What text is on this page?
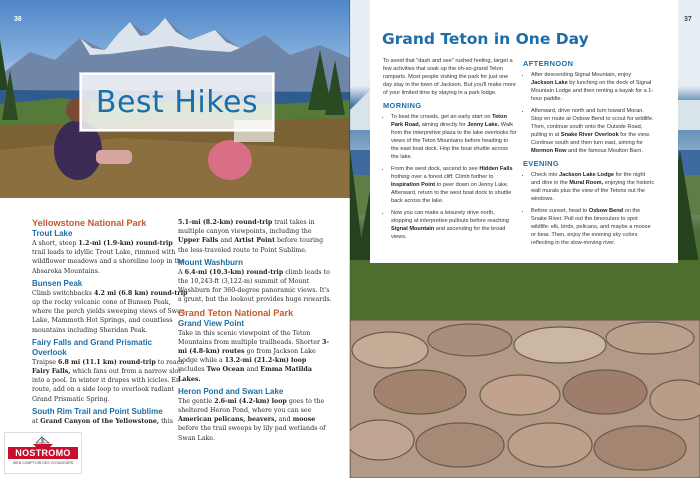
36
Best Hikes
Yellowstone National Park
Trout Lake

A short, steep 1.2-mi (1.9-km) round-trip trail leads to idyllic Trout Lake, rimmed with wildflower meadows and a shoreline loop in the Absaroka Mountains.

Bunsen Peak

Climb switchbacks 4.2 mi (6.8 km) round-trip up the rocky volcanic cone of Bunsen Peak, where the perch yields sweeping views of Swan Lake, Mammoth Hot Springs, and countless mountains including Sheridan Peak.

Fairy Falls and Grand Prismatic Overlook

Traipse 6.8 mi (11.1 km) round-trip to reach Fairy Falls, which fans out from a narrow slot into a pool. In winter it drapes with icicles. En route, add on a side loop to overlook radiant Grand Prismatic Spring.

South Rim Trail and Point Sublime

at Grand Canyon of the Yellowstone, this

5.1-mi (8.2-km) round-trip trail takes in multiple canyon viewpoints, including the Upper Falls and Artist Point before touring the less-traveled route to Point Sublime.

Mount Washburn

A 6.4-mi (10.3-km) round-trip climb leads to the 10,243-ft (3,122-m) summit of Mount Washburn for 360-degree panoramic views. It's a grunt, but the lookout provides huge rewards.

Grand Teton National Park
Grand View Point

Take in this scenic viewpoint of the Teton Mountains from multiple trailheads. Shorter 3-mi (4.8-km) routes go from Jackson Lake Lodge while a 13.2-mi (21.2-km) loop includes Two Ocean and Emma Matilda Lakes.

Heron Pond and Swan Lake

The gentle 2.6-mi (4.2-km) loop goes to the sheltered Heron Pond, where you can see American pelicans, beavers, and moose before the trail sweeps by lily pad wetlands of Swan Lake.

NOSTROMO
WEB COMPTOIR DES VOYAGEURS
37
Grand Teton in One Day

To avoid that "dash and see" rushed feeling, target a few activities that soak up the oh-so-grand Teton ramparts. Most people visiting the park for just one day stay in the town of Jackson. But you'll make more of your limited time by staying in a park lodge.

MORNING
• To beat the crowds, get an early start on Teton Park Road, aiming directly for Jenny Lake. Walk from the interpretive plaza to the lake overlooks for views of the Teton Mountains before heading to the east boat dock. Hop the boat shuttle across the lake.
• From the west dock, ascend to see Hidden Falls frothing over a forest cliff. Climb further to Inspiration Point to peer down on Jenny Lake. Afterward, return to the west boat dock to shuttle back across the lake.
• Now you can make a leisurely drive north, stopping at interpretive pullouts before reaching Signal Mountain and ascending for the broad views.
AFTERNOON
• After descending Signal Mountain, enjoy Jackson Lake by lunching on the deck of Signal Mountain Lodge and then renting a kayak for a 1-hour paddle.
• Afterward, drive north and turn toward Moran. Stop en route at Oxbow Bend to scout for wildlife. Then, continue south onto the Outside Road, pulling in at Snake River Overlook for the view. Continue south and then turn east, aiming for Mormon Row and the famous Moulton Barn.
EVENING
• Check into Jackson Lake Lodge for the night and dine in the Mural Room, enjoying the historic wall murals plus the view of the Tetons out the windows.
• Before sunset, head to Oxbow Bend on the Snake River. Pull out the binoculars to spot wildlife: elk, birds, pelicans, and maybe a moose or bear. Then, enjoy the evening sky colors reflecting in the slow-moving river.
